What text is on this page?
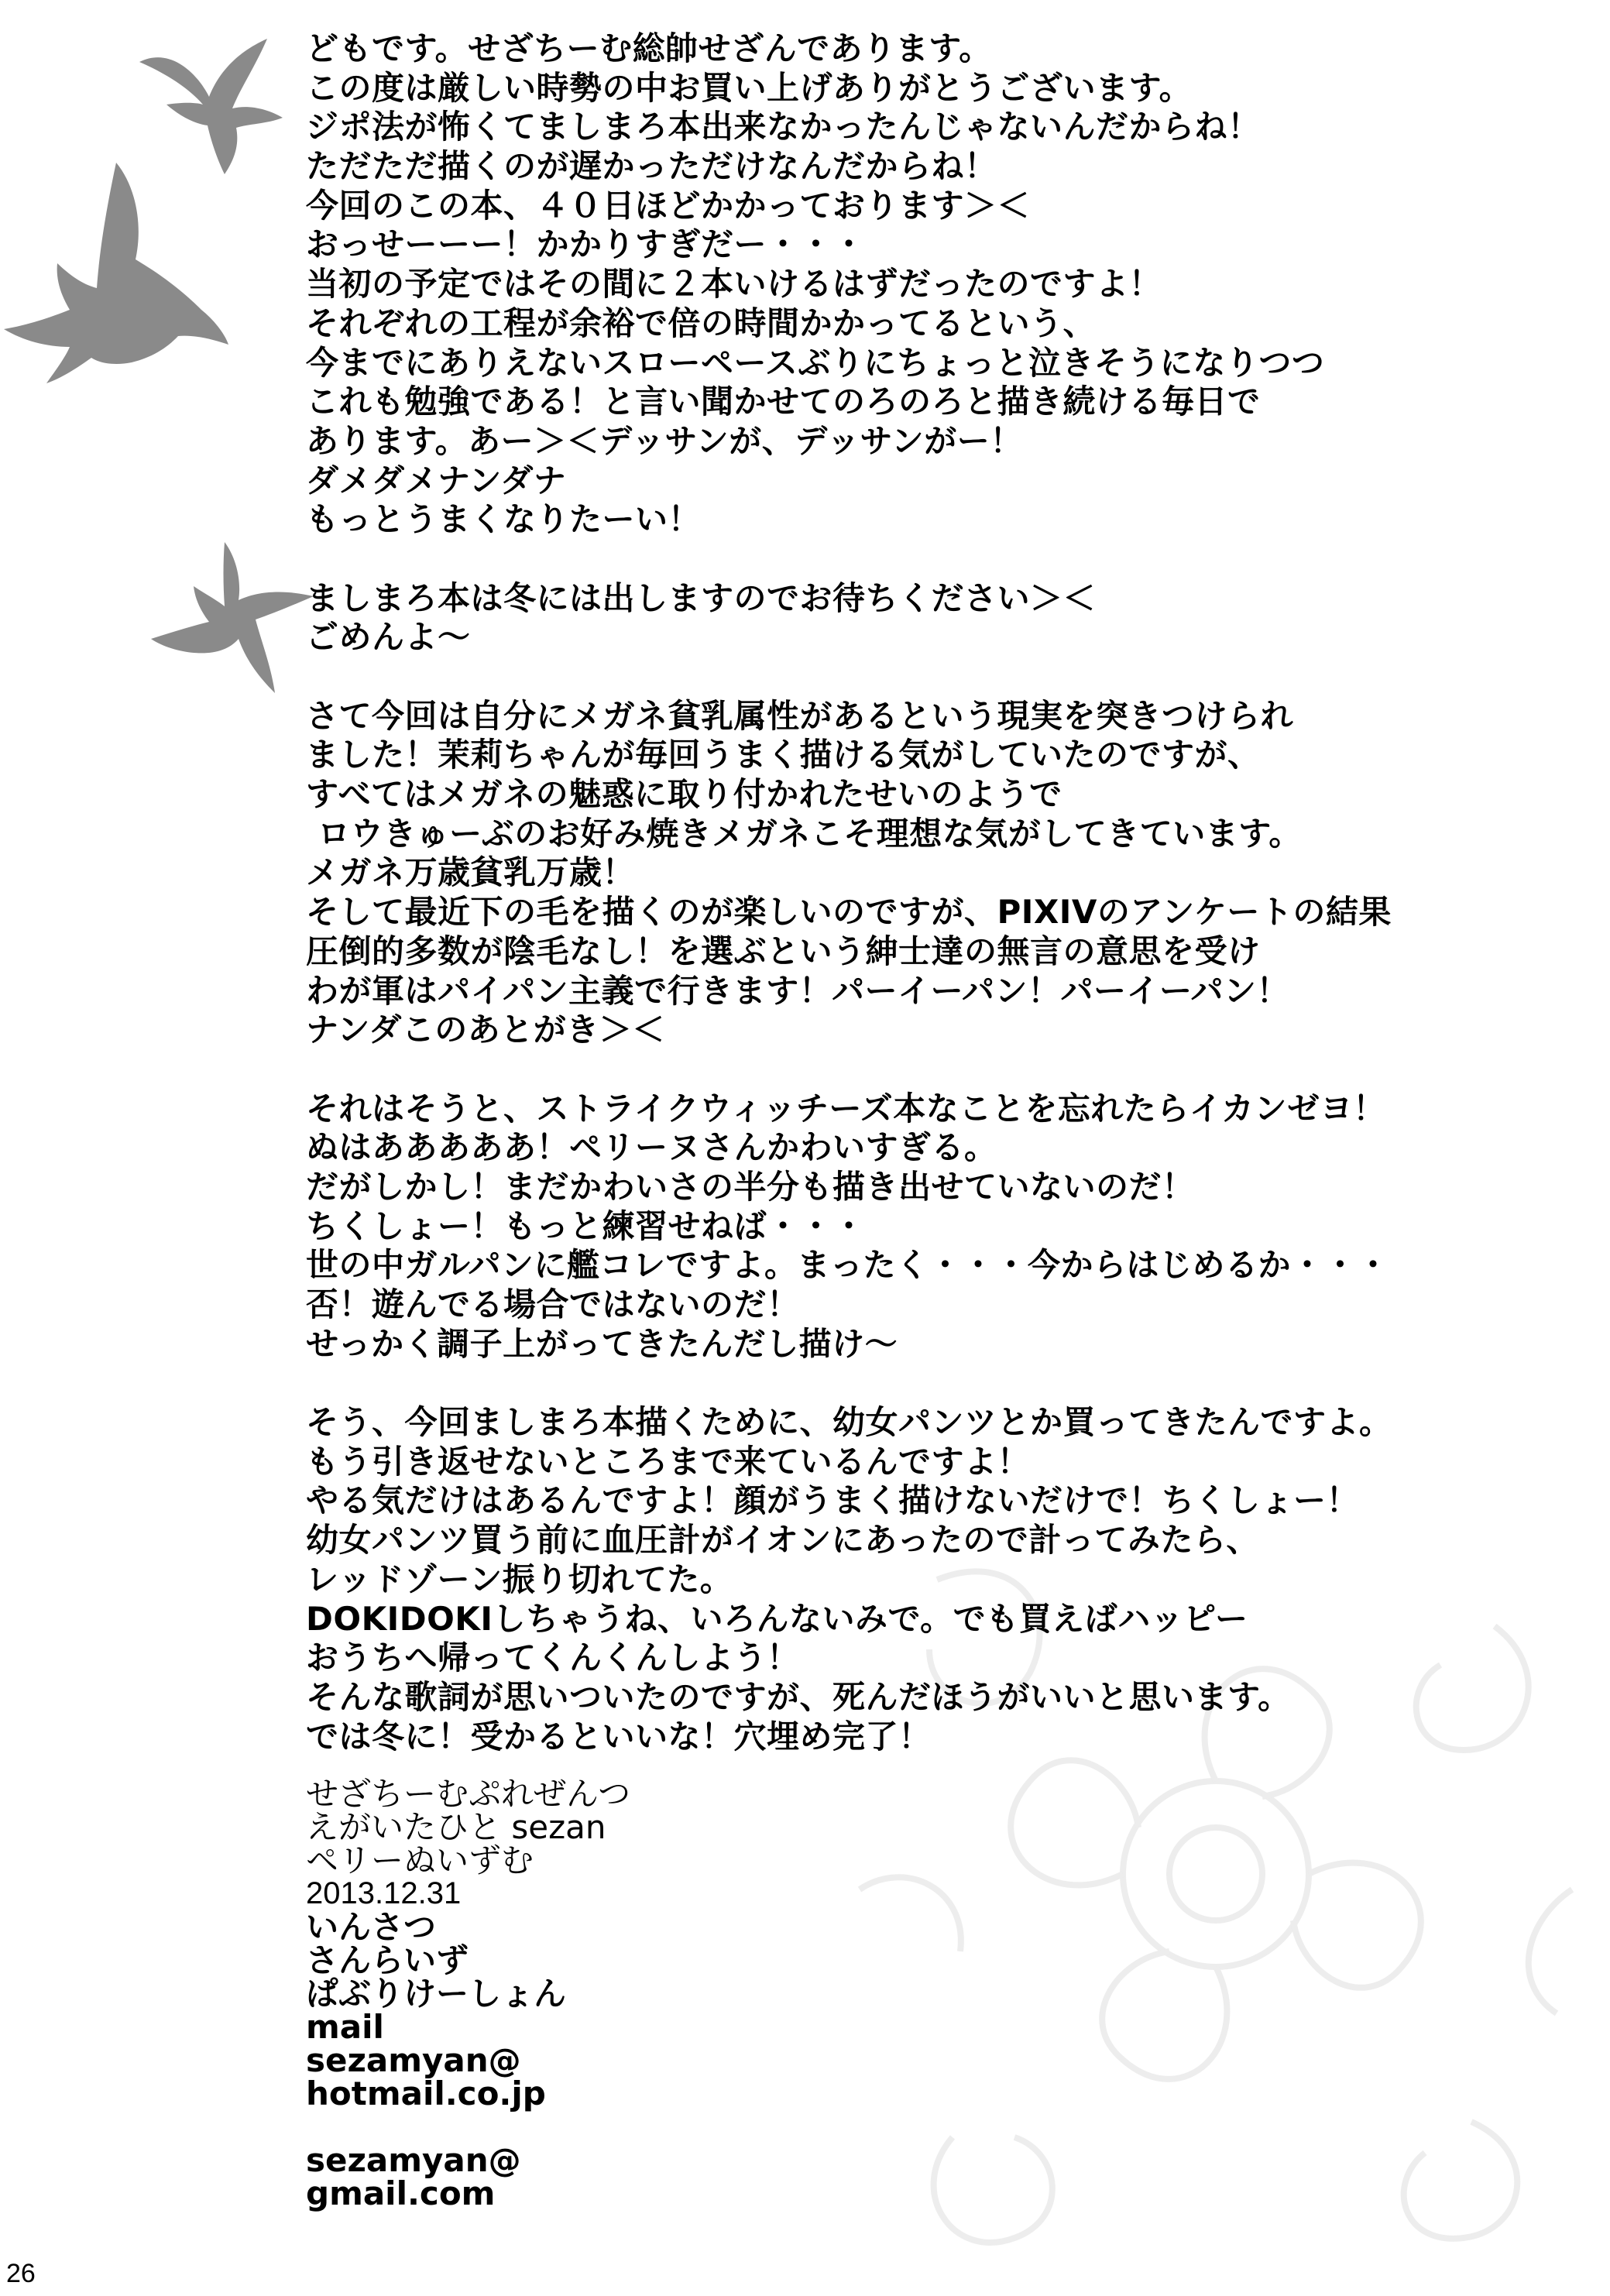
どもです。せざちーむ総帥せざんであります。
この度は厳しい時勢の中お買い上げありがとうございます。
ジポ法が怖くてましまろ本出来なかったんじゃないんだからね！
ただただ描くのが遅かっただけなんだからね！
今回のこの本、４０日ほどかかっております＞＜
おっせーーー！かかりすぎだー・・・
当初の予定ではその間に２本いけるはずだったのですよ！
それぞれの工程が余裕で倍の時間かかってるという、
今までにありえないスローペースぶりにちょっと泣きそうになりつつ
これも勉強である！と言い聞かせてのろのろと描き続ける毎日で
あります。あー＞＜デッサンが、デッサンがー！
ダメダメナンダナ
もっとうまくなりたーい！
ましまろ本は冬には出しますのでお待ちください＞＜
ごめんよ～
さて今回は自分にメガネ貧乳属性があるという現実を突きつけられ
ました！茉莉ちゃんが毎回うまく描ける気がしていたのですが、
すべてはメガネの魅惑に取り付かれたせいのようで
ロウきゅーぶのお好み焼きメガネこそ理想な気がしてきています。
メガネ万歳貧乳万歳！
そして最近下の毛を描くのが楽しいのですが、PIXIVのアンケートの結果
圧倒的多数が陰毛なし！を選ぶという紳士達の無言の意思を受け
わが軍はパイパン主義で行きます！パーイーパン！パーイーパン！
ナンダこのあとがき＞＜
それはそうと、ストライクウィッチーズ本なことを忘れたらイカンゼヨ！
ぬはあああああ！ペリーヌさんかわいすぎる。
だがしかし！まだかわいさの半分も描き出せていないのだ！
ちくしょー！もっと練習せねば・・・
世の中ガルパンに艦コレですよ。まったく・・・今からはじめるか・・・
否！遊んでる場合ではないのだ！
せっかく調子上がってきたんだし描け～
そう、今回ましまろ本描くために、幼女パンツとか買ってきたんですよ。
もう引き返せないところまで来ているんですよ！
やる気だけはあるんですよ！顔がうまく描けないだけで！ちくしょー！
幼女パンツ買う前に血圧計がイオンにあったので計ってみたら、
レッドゾーン振り切れてた。
DOKIDOKIしちゃうね、いろんないみで。でも買えばハッピー
おうちへ帰ってくんくんしよう！
そんな歌詞が思いついたのですが、死んだほうがいいと思います。
では冬に！受かるといいな！穴埋め完了！
せざちーむぷれぜんつ
えがいたひと sezan
ペリーぬいずむ
2013.12.31
いんさつ
さんらいず
ぱぶりけーしょん
mail
sezamyan@
hotmail.co.jp
sezamyan@
gmail.com
26
